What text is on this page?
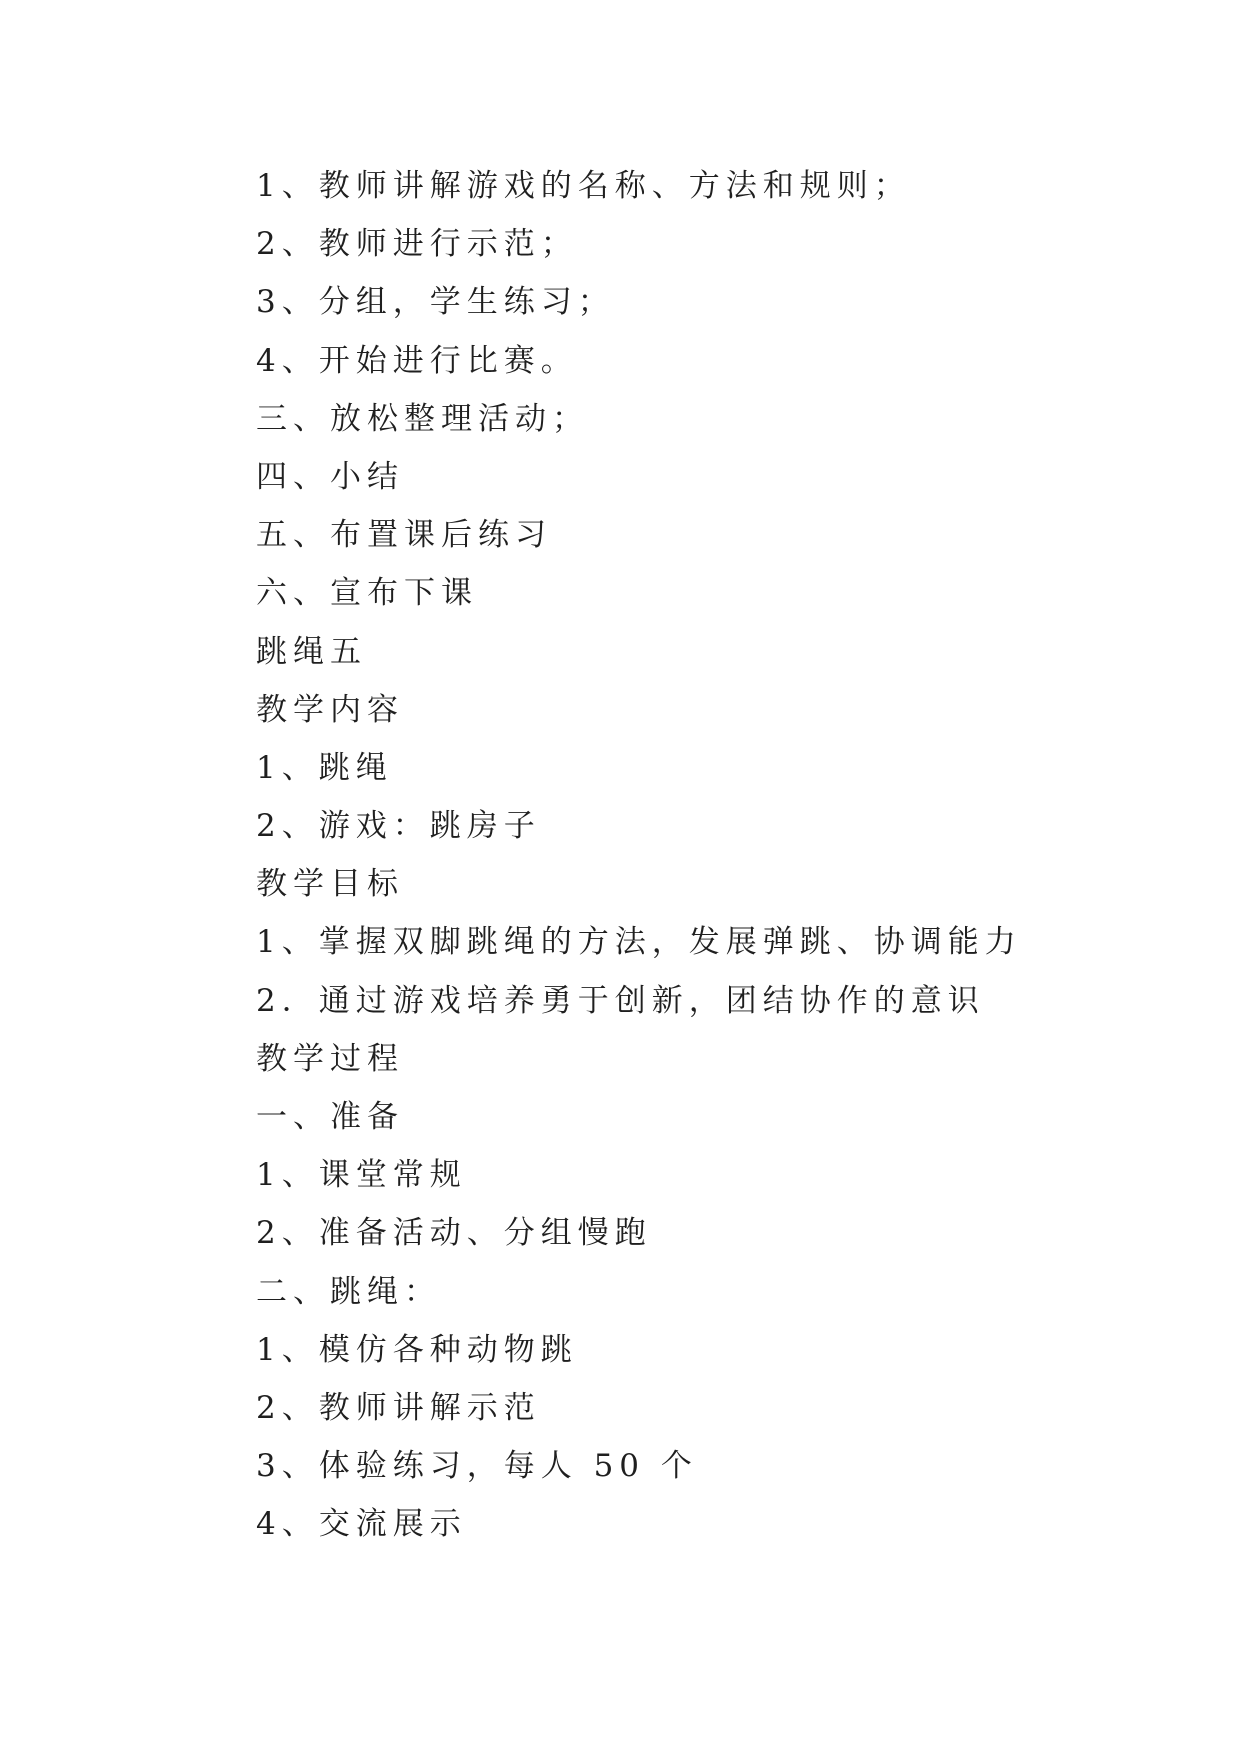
1、教师讲解游戏的名称、方法和规则；
2、教师进行示范；
3、分组，学生练习；
4、开始进行比赛。
三、放松整理活动；
四、小结
五、布置课后练习
六、宣布下课
跳绳五
教学内容
1、跳绳
2、游戏：跳房子
教学目标
1、掌握双脚跳绳的方法，发展弹跳、协调能力
2．通过游戏培养勇于创新，团结协作的意识
教学过程
一、准备
1、课堂常规
2、准备活动、分组慢跑
二、跳绳：
1、模仿各种动物跳
2、教师讲解示范
3、体验练习，每人 50 个
4、交流展示
